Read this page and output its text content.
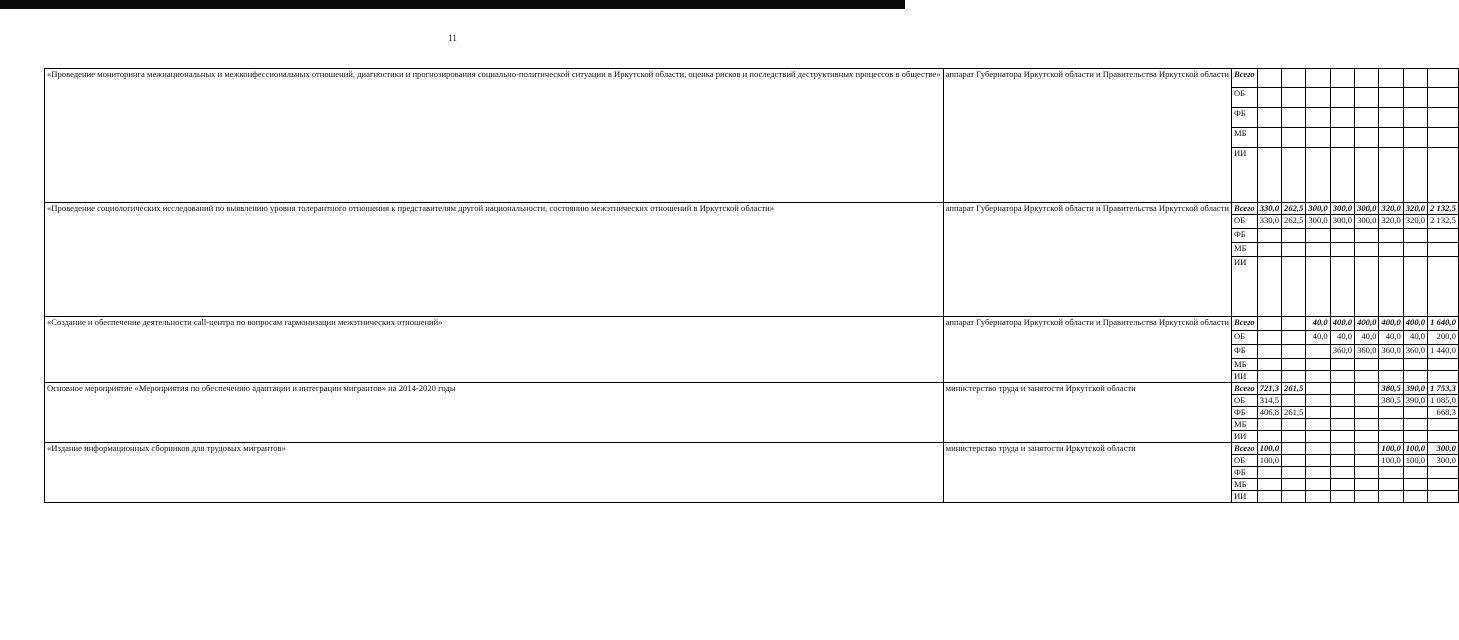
11
«Проведение мониторинга межнациональных и межконфессиональных отношений, диагностики и прогнозирования социально-политической ситуации в Иркутской области, оценка рисков и последствий деструктивных процессов в обществе»	аппарат Губернатора Иркутской области и Правительства Иркутской области	Всего								
		ОБ								
		ФБ								
		МБ								
		ИИ								
«Проведение социологических исследований по выявлению уровня толерантного отношения к представителям другой национальности, состоянию межэтнических отношений в Иркутской области»	аппарат Губернатора Иркутской области и Правительства Иркутской области	Всего	330,0	262,5	300,0	300,0	300,0	320,0	320,0	2 132,5
		ОБ	330,0	262,5	300,0	300,0	300,0	320,0	320,0	2 132,5
		ФБ								
		МБ								
		ИИ								
«Создание и обеспечение деятельности call-центра по вопросам гармонизации межэтнических отношений»	аппарат Губернатора Иркутской области и Правительства Иркутской области	Всего			40,0	400,0	400,0	400,0	400,0	1 640,0
		ОБ			40,0	40,0	40,0	40,0	40,0	200,0
		ФБ				360,0	360,0	360,0	360,0	1 440,0
		МБ								
		ИИ								
Основное мероприятие «Мероприятия по обеспечению адаптации и интеграции мигрантов» на 2014-2020 годы	министерство труда и занятости Иркутской области	Всего	721,3	261,5				380,5	390,0	1 753,3
		ОБ	314,5					380,5	390,0	1 085,0
		ФБ	406,8	261,5						668,3
		МБ								
		ИИ								
«Издание информационных сборников для трудовых мигрантов»	министерство труда и занятости Иркутской области	Всего	100,0					100,0	100,0	300,0
		ОБ	100,0					100,0	100,0	300,0
		ФБ								
		МБ								
		ИИ								
